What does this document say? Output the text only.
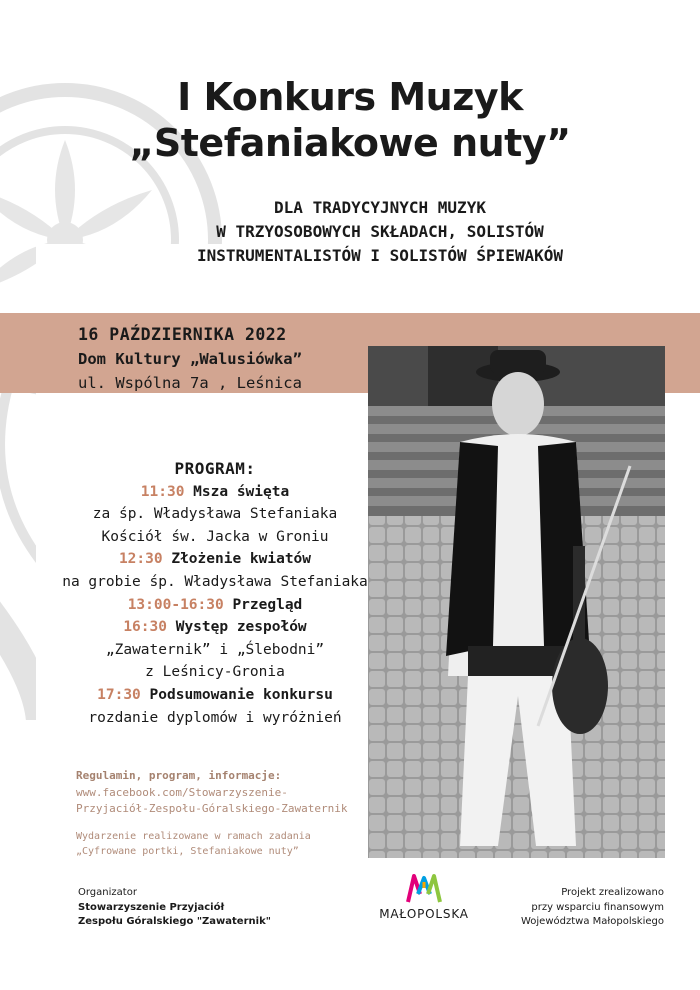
I Konkurs Muzyk
„Stefaniakowe nuty”
DLA TRADYCYJNYCH MUZYK
W TRZYOSOBOWYCH SKŁADACH, SOLISTÓW
INSTRUMENTALISTÓW I SOLISTÓW ŚPIEWAKÓW
16 PAŹDZIERNIKA 2022
Dom Kultury „Walusiówka”
ul. Wspólna 7a , Leśnica
PROGRAM:
11:30 Msza święta
za śp. Władysława Stefaniaka
Kościół św. Jacka w Groniu
12:30 Złożenie kwiatów
na grobie śp. Władysława Stefaniaka
13:00-16:30 Przegląd
16:30 Występ zespołów
„Zawaternik” i „Ślebodni”
z Leśnicy-Gronia
17:30 Podsumowanie konkursu
rozdanie dyplomów i wyróżnień
Regulamin, program, informacje:
www.facebook.com/Stowarzyszenie-
Przyjaciół-Zespołu-Góralskiego-Zawaternik
Wydarzenie realizowane w ramach zadania
„Cyfrowane portki, Stefaniakowe nuty”
Organizator
Stowarzyszenie Przyjaciół
Zespołu Góralskiego "Zawaternik"
MAŁOPOLSKA
Projekt zrealizowano
przy wsparciu finansowym
Województwa Małopolskiego
